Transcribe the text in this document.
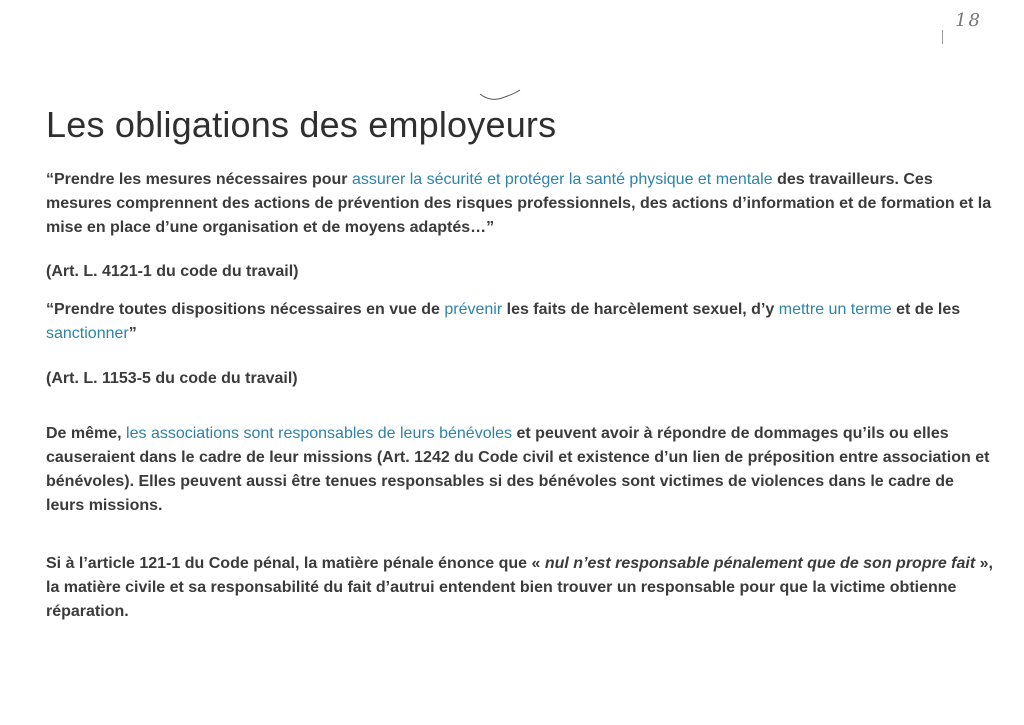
18
Les obligations des employeurs

“Prendre les mesures nécessaires pour assurer la sécurité et protéger la santé physique et mentale des travailleurs. Ces mesures comprennent des actions de prévention des risques professionnels, des actions d’information et de formation et la mise en place d’une organisation et de moyens adaptés…”

(Art. L. 4121-1 du code du travail)

“Prendre toutes dispositions nécessaires en vue de prévenir les faits de harcèlement sexuel, d’y mettre un terme et de les sanctionner”

(Art. L. 1153-5 du code du travail)

De même, les associations sont responsables de leurs bénévoles et peuvent avoir à répondre de dommages qu’ils ou elles causeraient dans le cadre de leur missions (Art. 1242 du Code civil et existence d’un lien de préposition entre association et bénévoles). Elles peuvent aussi être tenues responsables si des bénévoles sont victimes de violences dans le cadre de leurs missions.

Si à l’article 121-1 du Code pénal, la matière pénale énonce que « nul n’est responsable pénalement que de son propre fait », la matière civile et sa responsabilité du fait d’autrui entendent bien trouver un responsable pour que la victime obtienne réparation.
